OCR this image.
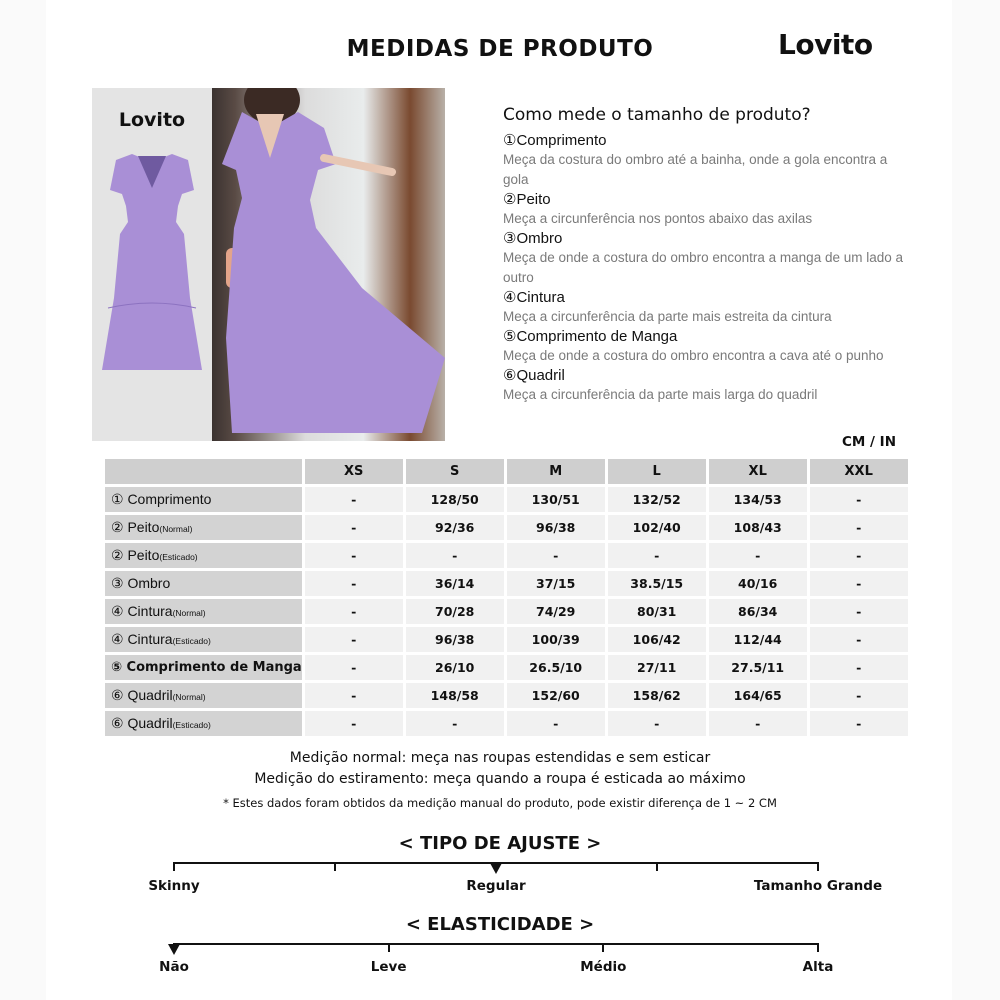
MEDIDAS DE PRODUTO	Lovito
Lovito	Como mede o tamanho de produto?
①Comprimento
Meça da costura do ombro até a bainha, onde a gola encontra a gola
②Peito
Meça a circunferência nos pontos abaixo das axilas
③Ombro
Meça de onde a costura do ombro encontra a manga de um lado a outro
④Cintura
Meça a circunferência da parte mais estreita da cintura
⑤Comprimento de Manga
Meça de onde a costura do ombro encontra a cava até o punho
⑥Quadril
Meça a circunferência da parte mais larga do quadril
CM / IN
	XS	S	M	L	XL	XXL
① Comprimento	-	128/50	130/51	132/52	134/53	-
② Peito(Normal)	-	92/36	96/38	102/40	108/43	-
② Peito(Esticado)	-	-	-	-	-	-
③ Ombro	-	36/14	37/15	38.5/15	40/16	-
④ Cintura(Normal)	-	70/28	74/29	80/31	86/34	-
④ Cintura(Esticado)	-	96/38	100/39	106/42	112/44	-
⑤ Comprimento de Manga	-	26/10	26.5/10	27/11	27.5/11	-
⑥ Quadril(Normal)	-	148/58	152/60	158/62	164/65	-
⑥ Quadril(Esticado)	-	-	-	-	-	-
Medição normal: meça nas roupas estendidas e sem esticar
Medição do estiramento: meça quando a roupa é esticada ao máximo
* Estes dados foram obtidos da medição manual do produto, pode existir diferença de 1 ~ 2 CM
< TIPO DE AJUSTE >
Skinny	Regular	Tamanho Grande
< ELASTICIDADE >
Não	Leve	Médio	Alta
